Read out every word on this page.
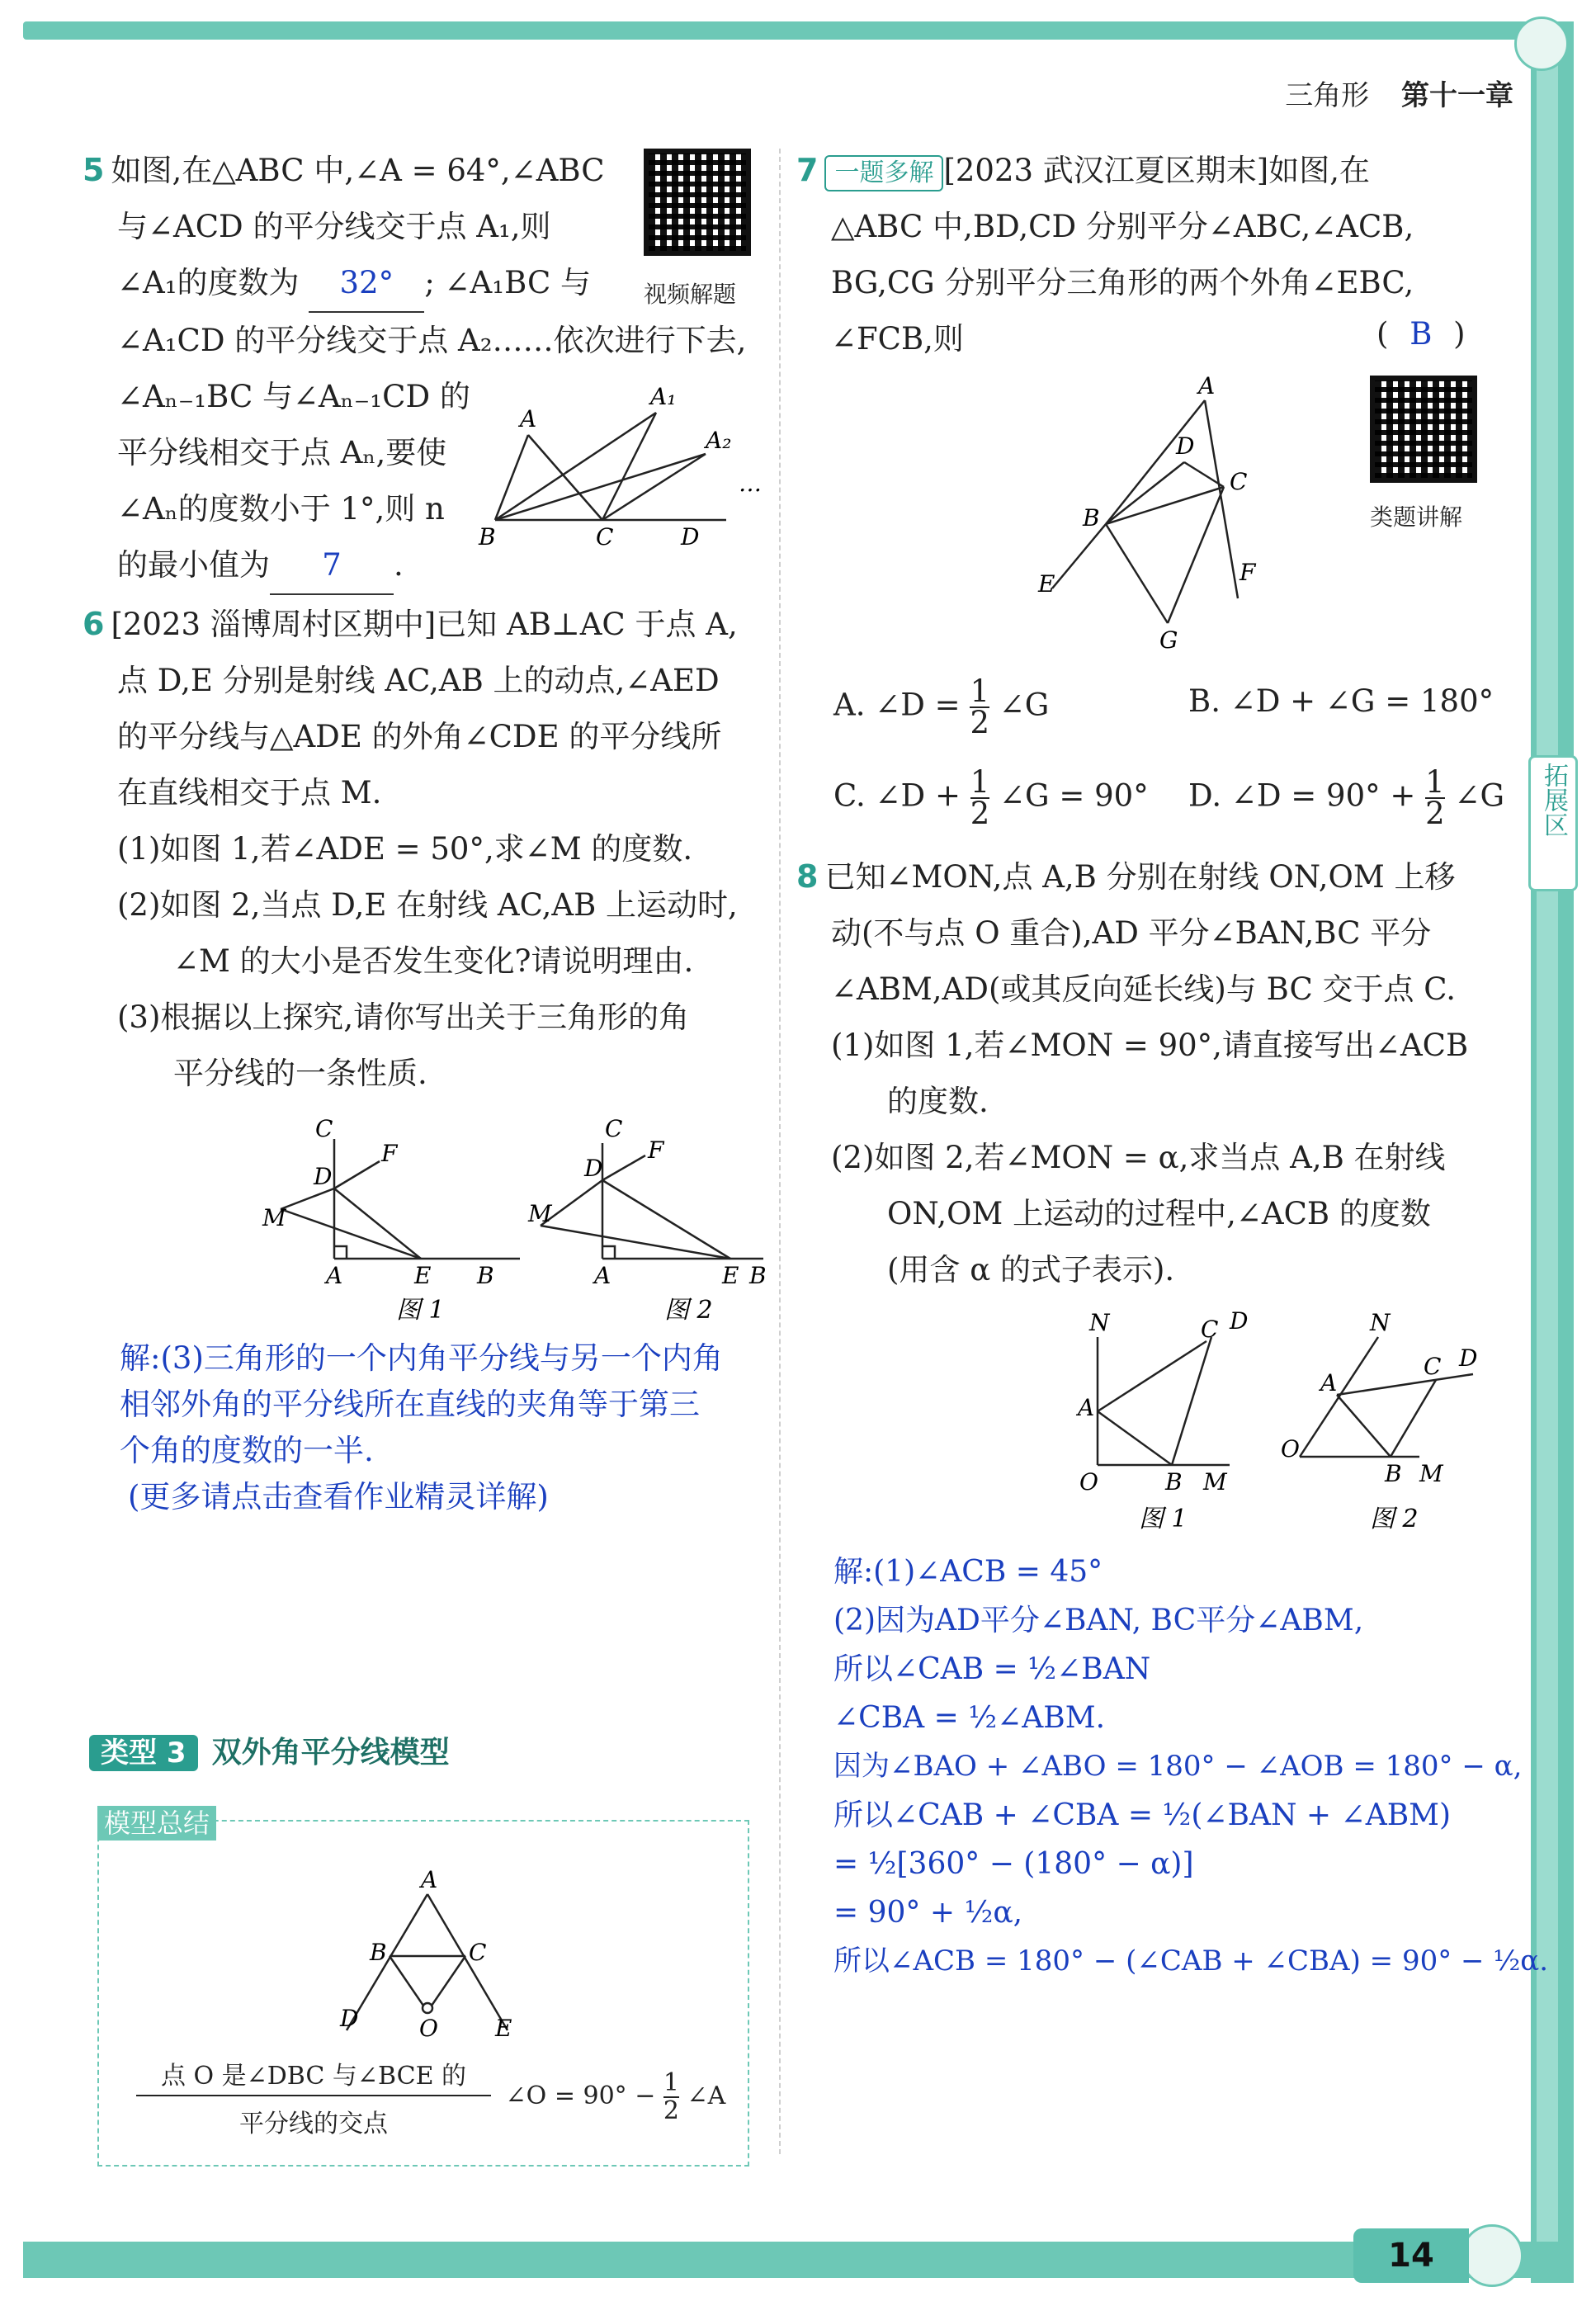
三角形 第十一章
拓展区
14
5 如图,在△ABC 中,∠A = 64°,∠ABC
与∠ACD 的平分线交于点 A₁,则
∠A₁的度数为 32° ; ∠A₁BC 与
∠A₁CD 的平分线交于点 A₂……依次进行下去,
∠Aₙ₋₁BC 与∠Aₙ₋₁CD 的
平分线相交于点 Aₙ,要使
∠Aₙ的度数小于 1°,则 n
的最小值为 7 .
视频解题
A
A₁
A₂
B	C	D
…
6 [2023 淄博周村区期中]已知 AB⊥AC 于点 A,
点 D,E 分别是射线 AC,AB 上的动点,∠AED
的平分线与△ADE 的外角∠CDE 的平分线所
在直线相交于点 M.
(1)如图 1,若∠ADE = 50°,求∠M 的度数.
(2)如图 2,当点 D,E 在射线 AC,AB 上运动时,
∠M 的大小是否发生变化?请说明理由.
(3)根据以上探究,请你写出关于三角形的角
平分线的一条性质.
C
D
F
M
A	E B
C
D
F
M
A	E B
图 1	图 2
解:(3)三角形的一个内角平分线与另一个内角
相邻外角的平分线所在直线的夹角等于第三
个角的度数的一半.
(更多请点击查看作业精灵详解)
类型 3 双外角平分线模型
模型总结
A
B	C
D	O E
点 O 是∠DBC 与∠BCE 的
平分线的交点
∠O = $90^\circ - \frac{1}{2}$ ∠A
7 一题多解 [2023 武汉江夏区期末]如图,在
△ABC 中,BD,CD 分别平分∠ABC,∠ACB,
BG,CG 分别平分三角形的两个外角∠EBC,
∠FCB,则	( B )
类题讲解
A
D
C
B
E	F
G
A. ∠D = $\frac{1}{2}$ ∠G	B. ∠D + ∠G = 180°
C. ∠D + $\frac{1}{2}$ ∠G = 90° D. ∠D = $90^\circ + \frac{1}{2}$ ∠G
8 已知∠MON,点 A,B 分别在射线 ON,OM 上移
动(不与点 O 重合),AD 平分∠BAN,BC 平分
∠ABM,AD(或其反向延长线)与 BC 交于点 C.
(1)如图 1,若∠MON = 90°,请直接写出∠ACB
的度数.
(2)如图 2,若∠MON = α,求当点 A,B 在射线
ON,OM 上运动的过程中,∠ACB 的度数
(用含 α 的式子表示).
N	C D
A
O	B M
N
C D
A
O
B M
图 1	图 2
解:(1)∠ACB = 45°
(2)因为AD平分∠BAN, BC平分∠ABM,
所以∠CAB = ½∠BAN
∠CBA = ½∠ABM.
因为∠BAO + ∠ABO = 180° − ∠AOB = 180° − α,
所以∠CAB + ∠CBA = ½(∠BAN + ∠ABM)
= ½[360° − (180° − α)]
= 90° + ½α,
所以∠ACB = 180° − (∠CAB + ∠CBA) = 90° − ½α.
